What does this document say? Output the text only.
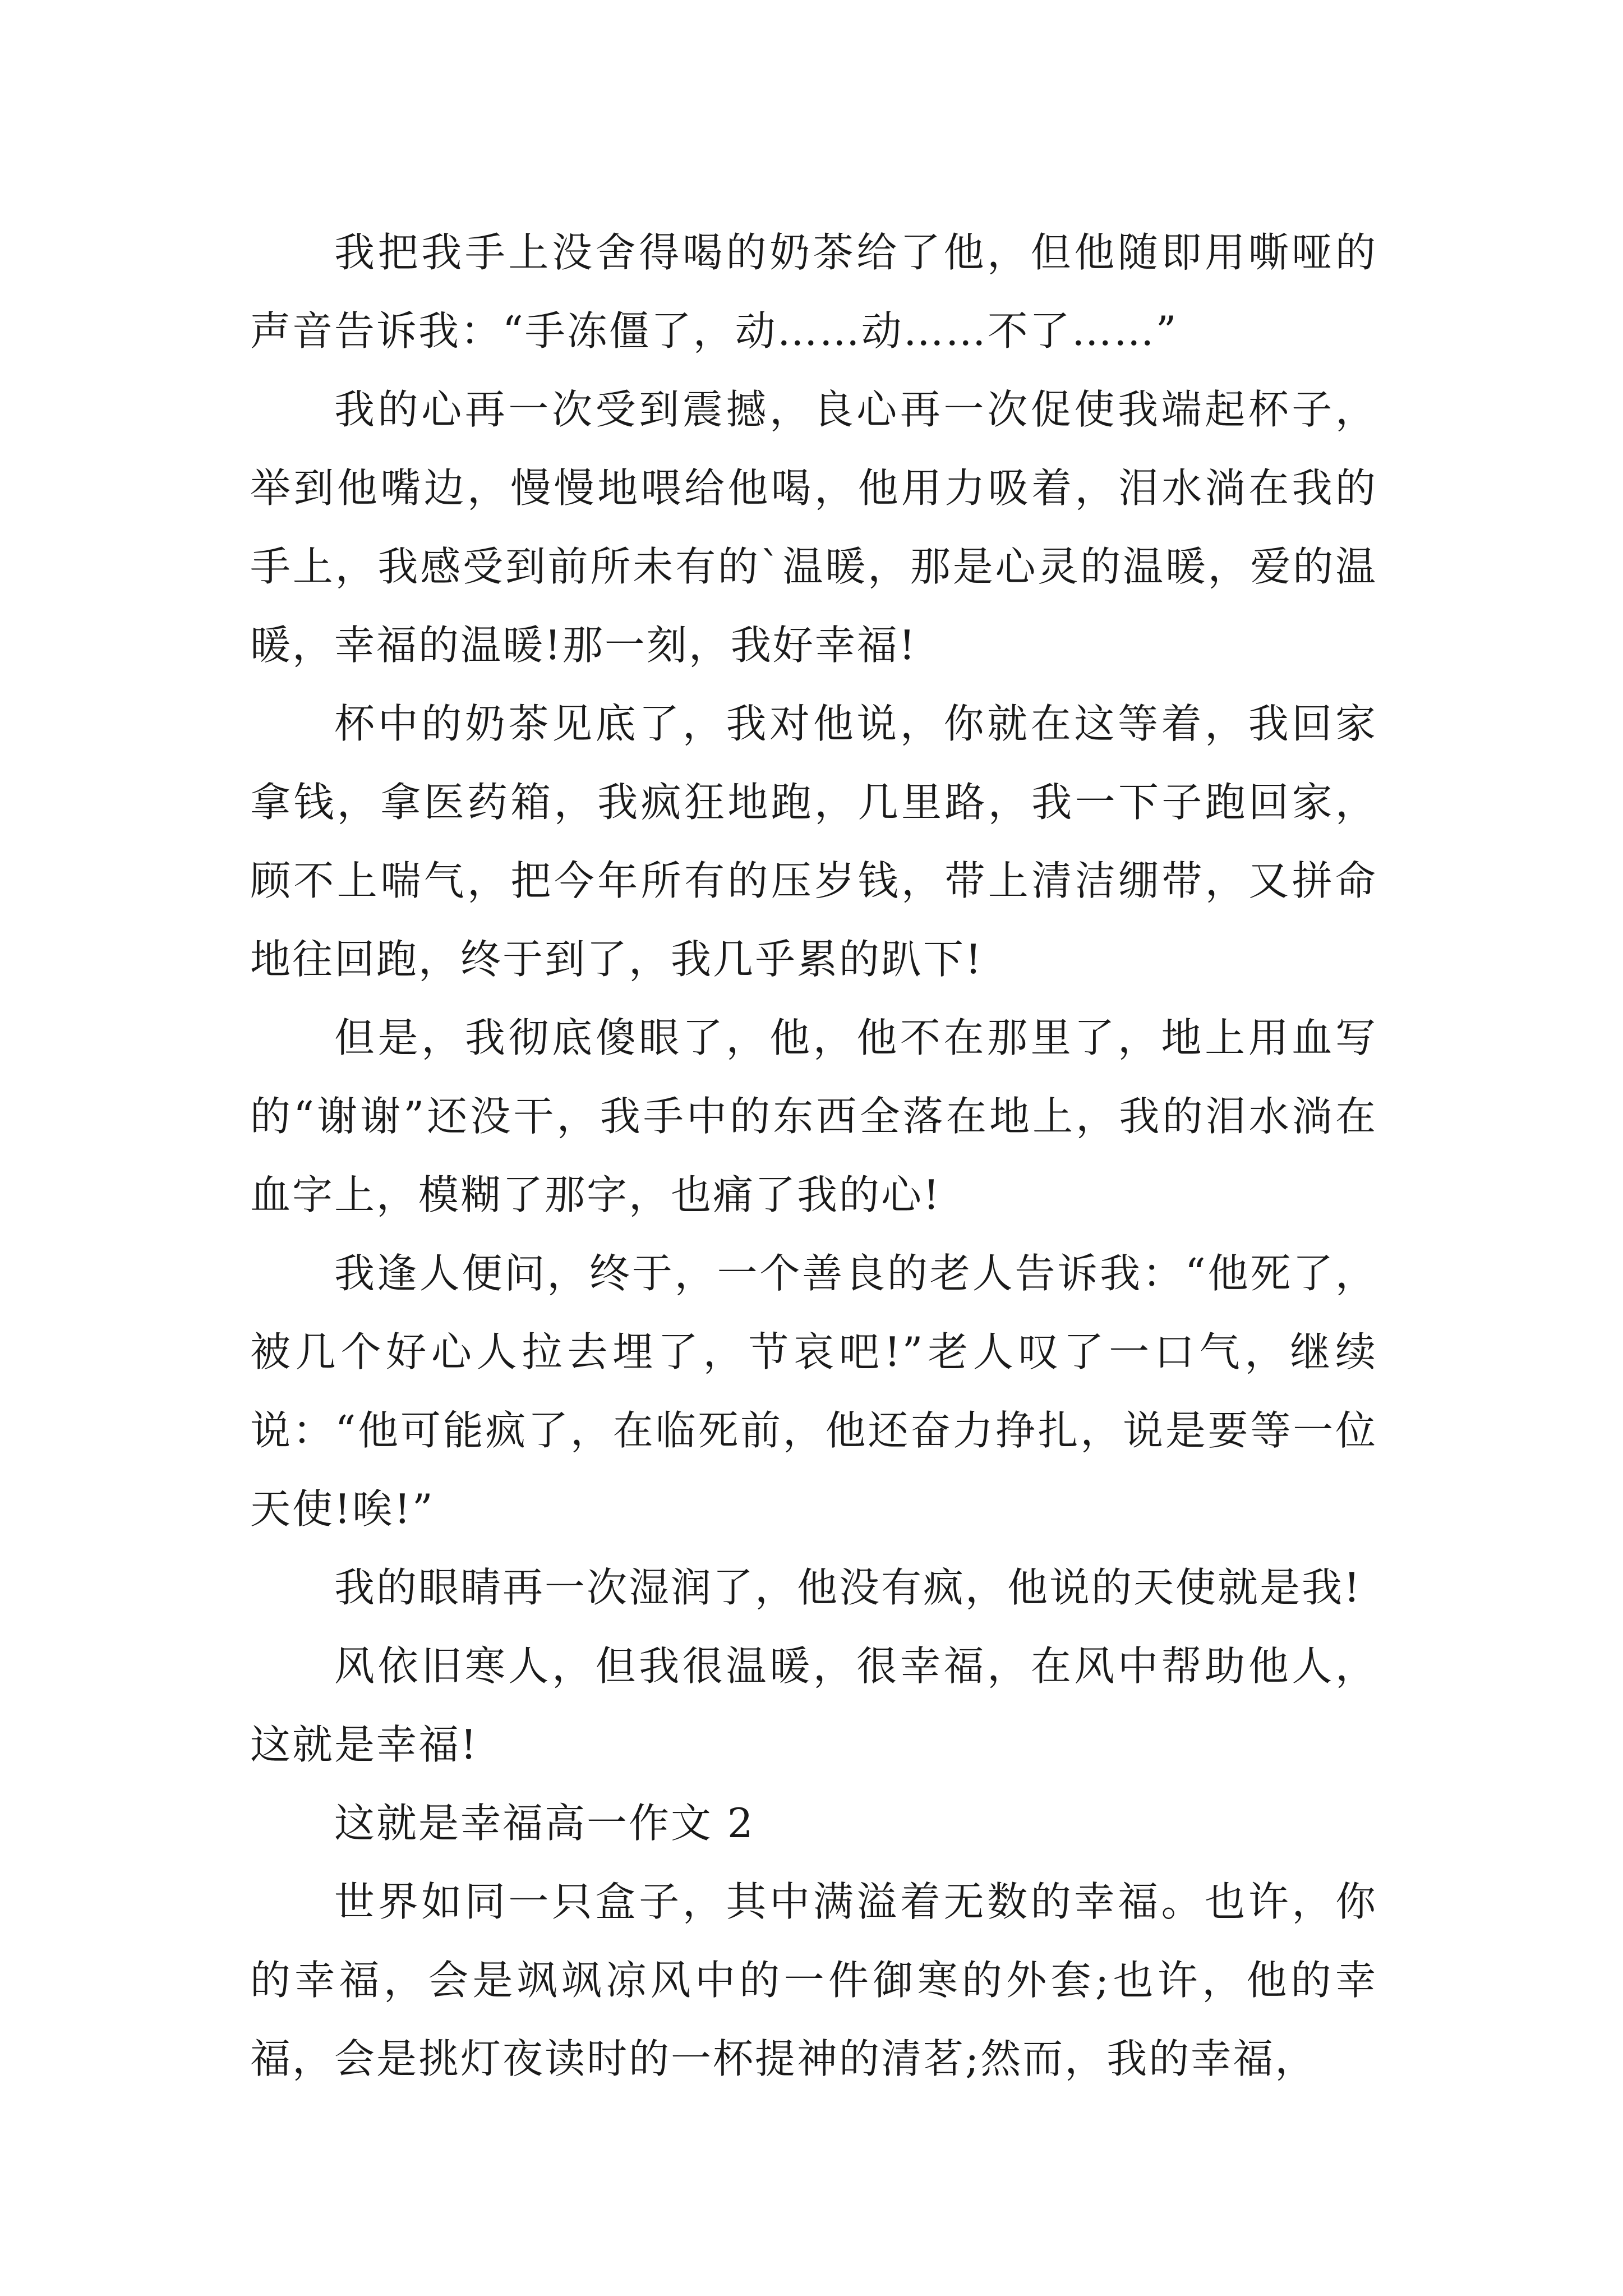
我把我手上没舍得喝的奶茶给了他，但他随即用嘶哑的声音告诉我：“手冻僵了，动……动……不了……”

我的心再一次受到震撼，良心再一次促使我端起杯子，举到他嘴边，慢慢地喂给他喝，他用力吸着，泪水淌在我的手上，我感受到前所未有的`温暖，那是心灵的温暖，爱的温暖，幸福的温暖!那一刻，我好幸福!

杯中的奶茶见底了，我对他说，你就在这等着，我回家拿钱，拿医药箱，我疯狂地跑，几里路，我一下子跑回家，顾不上喘气，把今年所有的压岁钱，带上清洁绷带，又拼命地往回跑，终于到了，我几乎累的趴下!

但是，我彻底傻眼了，他，他不在那里了，地上用血写的“谢谢”还没干，我手中的东西全落在地上，我的泪水淌在血字上，模糊了那字，也痛了我的心!

我逢人便问，终于，一个善良的老人告诉我：“他死了，被几个好心人拉去埋了，节哀吧!”老人叹了一口气，继续说：“他可能疯了，在临死前，他还奋力挣扎，说是要等一位天使!唉!”

我的眼睛再一次湿润了，他没有疯，他说的天使就是我!

风依旧寒人，但我很温暖，很幸福，在风中帮助他人，这就是幸福!

这就是幸福高一作文 2

世界如同一只盒子，其中满溢着无数的幸福。也许，你的幸福，会是飒飒凉风中的一件御寒的外套;也许，他的幸福，会是挑灯夜读时的一杯提神的清茗;然而，我的幸福，
